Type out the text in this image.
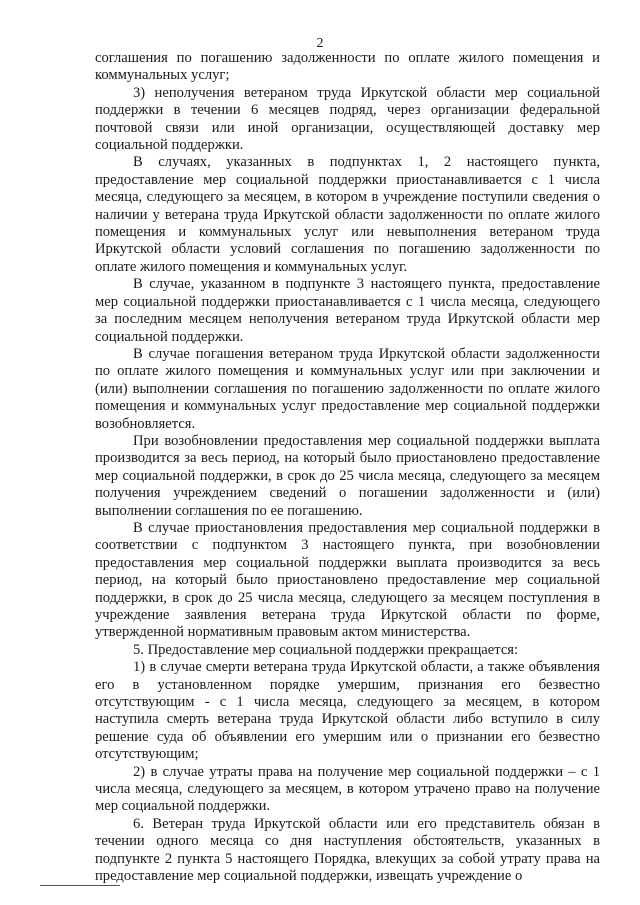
2

соглашения по погашению задолженности по оплате жилого помещения и коммунальных услуг;

3) неполучения ветераном труда Иркутской области мер социальной поддержки в течении 6 месяцев подряд, через организации федеральной почтовой связи или иной организации, осуществляющей доставку мер социальной поддержки.

В случаях, указанных в подпунктах 1, 2 настоящего пункта, предоставление мер социальной поддержки приостанавливается с 1 числа месяца, следующего за месяцем, в котором в учреждение поступили сведения о наличии у ветерана труда Иркутской области задолженности по оплате жилого помещения и коммунальных услуг или невыполнения ветераном труда Иркутской области условий соглашения по погашению задолженности по оплате жилого помещения и коммунальных услуг.

В случае, указанном в подпункте 3 настоящего пункта, предоставление мер социальной поддержки приостанавливается с 1 числа месяца, следующего за последним месяцем неполучения ветераном труда Иркутской области мер социальной поддержки.

В случае погашения ветераном труда Иркутской области задолженности по оплате жилого помещения и коммунальных услуг или при заключении и (или) выполнении соглашения по погашению задолженности по оплате жилого помещения и коммунальных услуг предоставление мер социальной поддержки возобновляется.

При возобновлении предоставления мер социальной поддержки выплата производится за весь период, на который было приостановлено предоставление мер социальной поддержки, в срок до 25 числа месяца, следующего за месяцем получения учреждением сведений о погашении задолженности и (или) выполнении соглашения по ее погашению.

В случае приостановления предоставления мер социальной поддержки в соответствии с подпунктом 3 настоящего пункта, при возобновлении предоставления мер социальной поддержки выплата производится за весь период, на который было приостановлено предоставление мер социальной поддержки, в срок до 25 числа месяца, следующего за месяцем поступления в учреждение заявления ветерана труда Иркутской области по форме, утвержденной нормативным правовым актом министерства.

5. Предоставление мер социальной поддержки прекращается:

1) в случае смерти ветерана труда Иркутской области, а также объявления его в установленном порядке умершим, признания его безвестно отсутствующим - с 1 числа месяца, следующего за месяцем, в котором наступила смерть ветерана труда Иркутской области либо вступило в силу решение суда об объявлении его умершим или о признании его безвестно отсутствующим;

2) в случае утраты права на получение мер социальной поддержки – с 1 числа месяца, следующего за месяцем, в котором утрачено право на получение мер социальной поддержки.

6. Ветеран труда Иркутской области или его представитель обязан в течении одного месяца со дня наступления обстоятельств, указанных в подпункте 2 пункта 5 настоящего Порядка, влекущих за собой утрату права на предоставление мер социальной поддержки, извещать учреждение о
